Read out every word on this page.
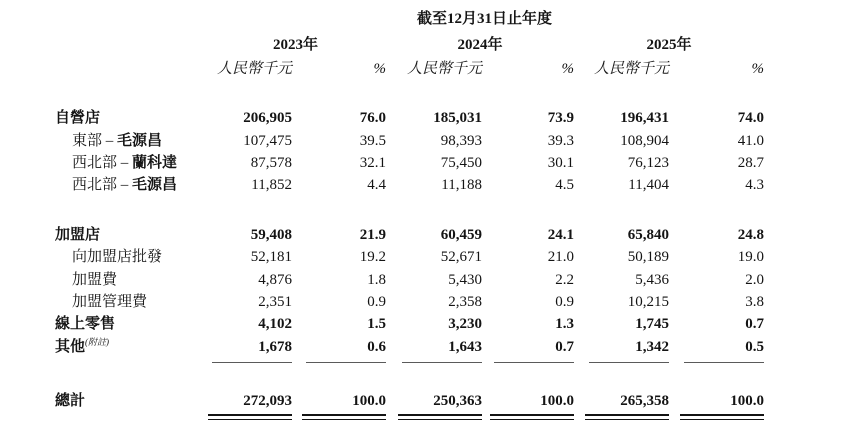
	截至12月31日止年度					
	2023年		2024年		2025年	
	人民幣千元	%	人民幣千元	%	人民幣千元	%

自營店	206,905	76.0	185,031	73.9	196,431	74.0
東部 – 毛源昌	107,475	39.5	98,393	39.3	108,904	41.0
西北部 – 蘭科達	87,578	32.1	75,450	30.1	76,123	28.7
西北部 – 毛源昌	11,852	4.4	11,188	4.5	11,404	4.3

加盟店	59,408	21.9	60,459	24.1	65,840	24.8
向加盟店批發	52,181	19.2	52,671	21.0	50,189	19.0
加盟費	4,876	1.8	5,430	2.2	5,436	2.0
加盟管理費	2,351	0.9	2,358	0.9	10,215	3.8
線上零售	4,102	1.5	3,230	1.3	1,745	0.7
其他$^{(附註)}$	1,678	0.6	1,643	0.7	1,342	0.5

總計	272,093	100.0	250,363	100.0	265,358	100.0
